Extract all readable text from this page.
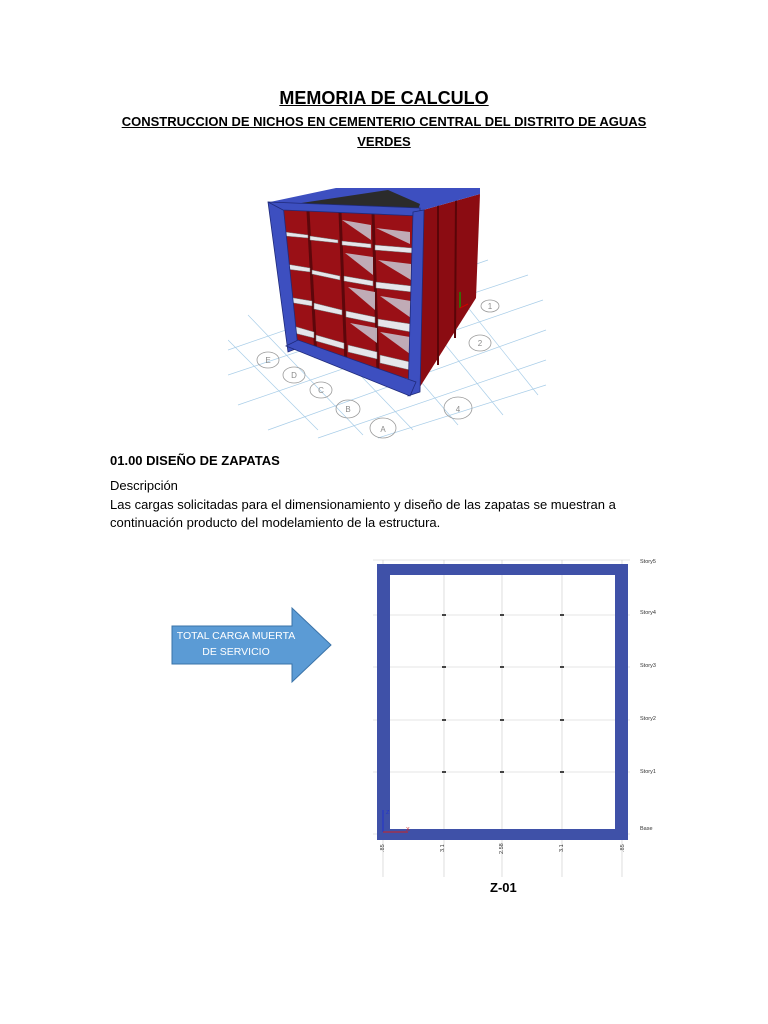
MEMORIA DE CALCULO
CONSTRUCCION DE NICHOS EN CEMENTERIO CENTRAL DEL DISTRITO DE AGUAS VERDES
E
D
C
B
A
4
2
1
01.00 DISEÑO DE ZAPATAS
Descripción
Las cargas solicitadas para el dimensionamiento y diseño de las zapatas se muestran a continuación producto del modelamiento de la estructura.
TOTAL CARGA MUERTA
DE SERVICIO
Z
X
Story5
Story4
Story3
Story2
Story1
Base
.85	3.1	2.58	3.1	.85
Z-01
